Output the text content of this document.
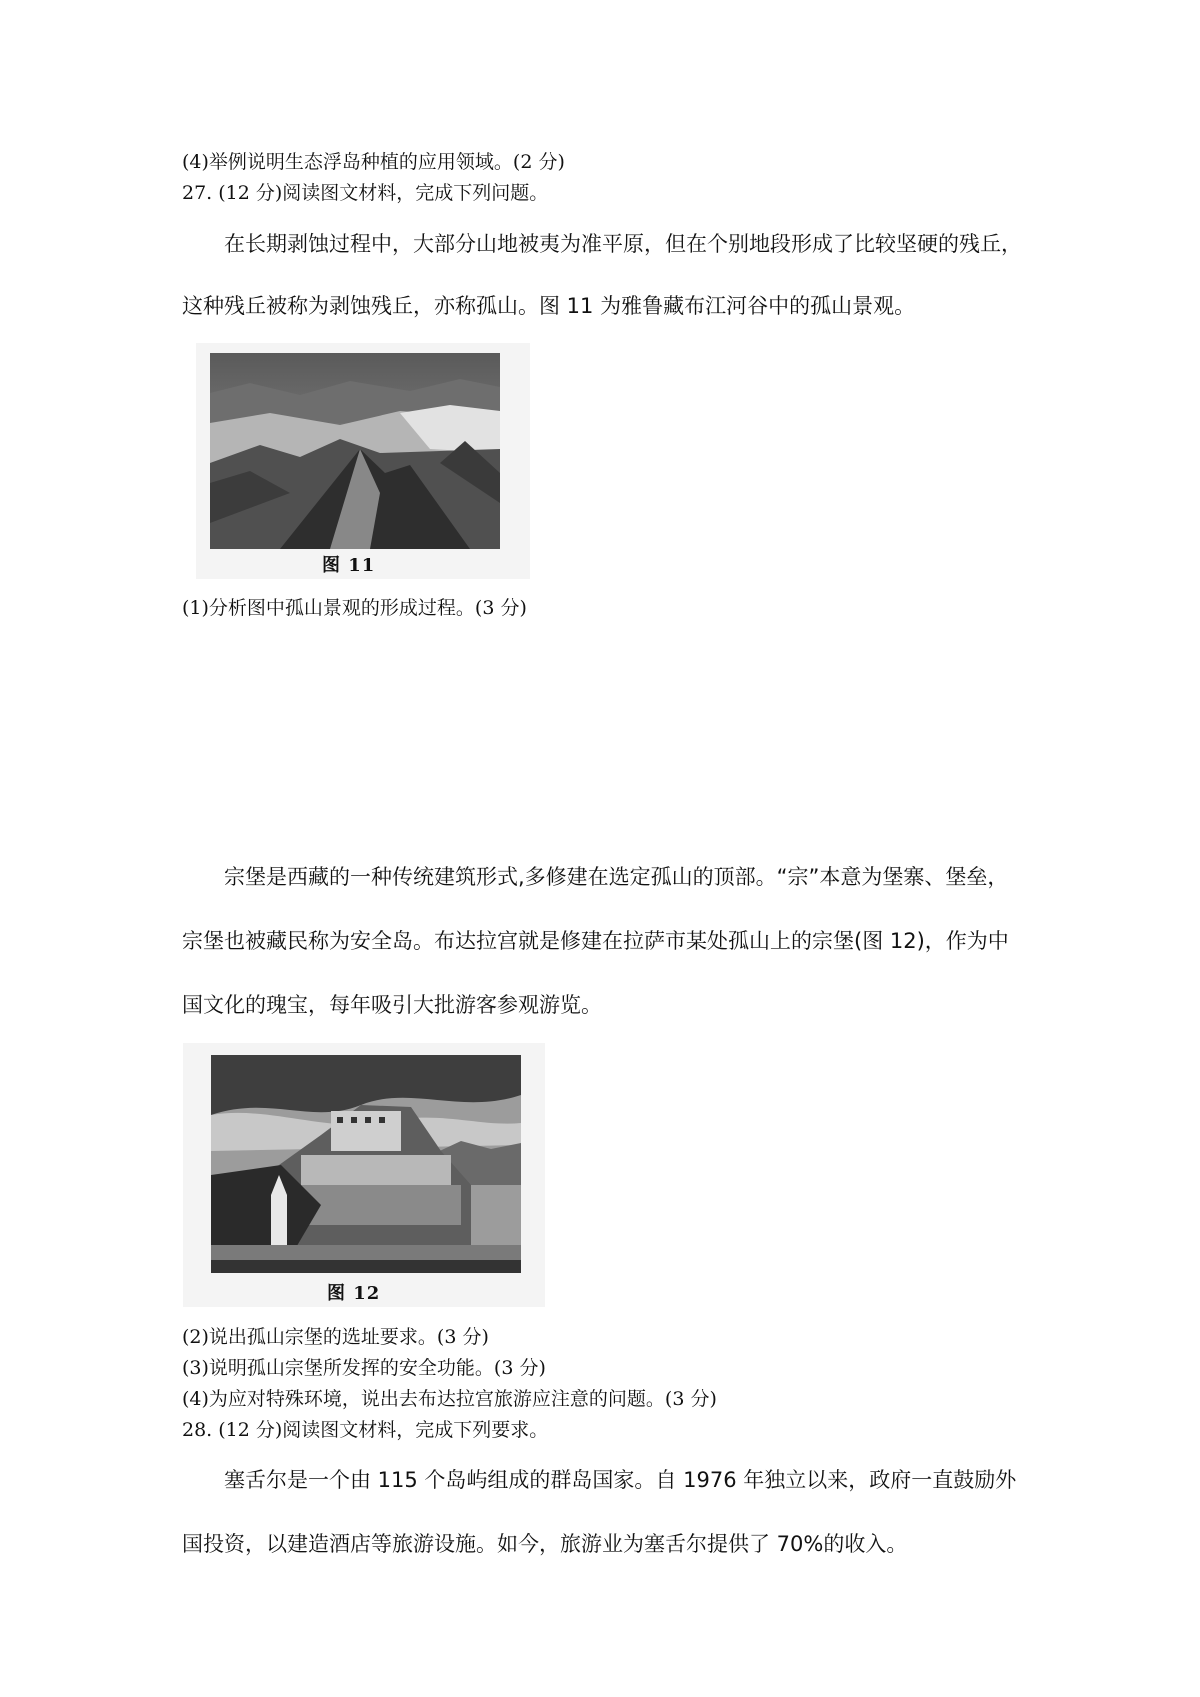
(4)举例说明生态浮岛种植的应用领域。(2 分)
27. (12 分)阅读图文材料，完成下列问题。
在长期剥蚀过程中，大部分山地被夷为准平原，但在个别地段形成了比较坚硬的残丘，
这种残丘被称为剥蚀残丘，亦称孤山。图 11 为雅鲁藏布江河谷中的孤山景观。
图 11
(1)分析图中孤山景观的形成过程。(3 分)
宗堡是西藏的一种传统建筑形式,多修建在选定孤山的顶部。“宗”本意为堡寨、堡垒，
宗堡也被藏民称为安全岛。布达拉宫就是修建在拉萨市某处孤山上的宗堡(图 12)，作为中
国文化的瑰宝，每年吸引大批游客参观游览。
图 12
(2)说出孤山宗堡的选址要求。(3 分)
(3)说明孤山宗堡所发挥的安全功能。(3 分)
(4)为应对特殊环境，说出去布达拉宫旅游应注意的问题。(3 分)
28. (12 分)阅读图文材料，完成下列要求。
塞舌尔是一个由 115 个岛屿组成的群岛国家。自 1976 年独立以来，政府一直鼓励外
国投资，以建造酒店等旅游设施。如今，旅游业为塞舌尔提供了 70%的收入。
